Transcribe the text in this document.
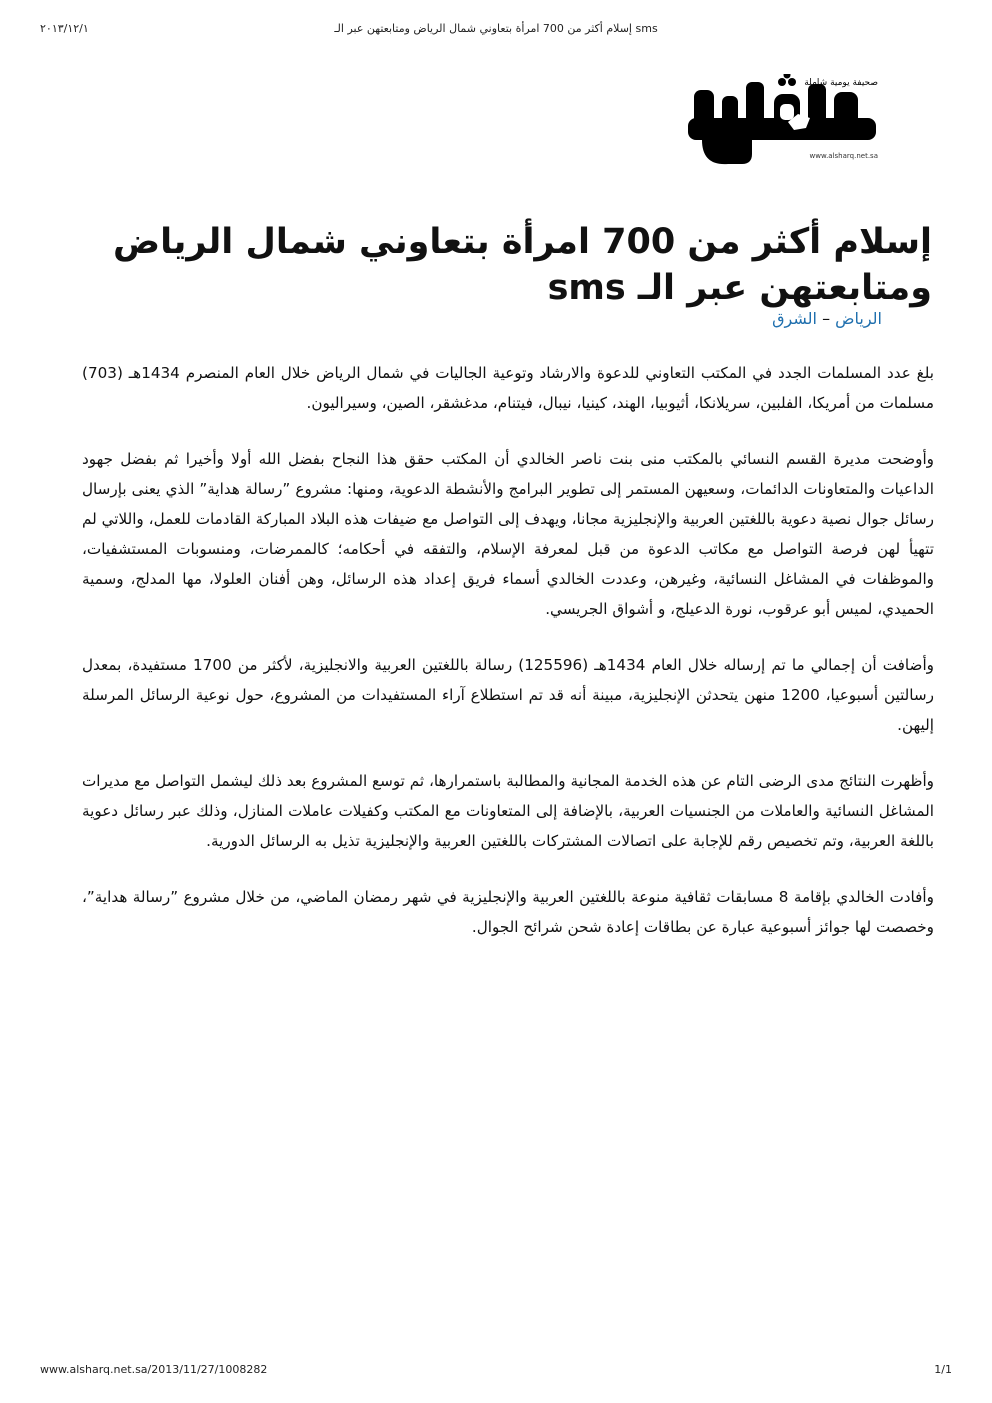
٢٠١٣/١٢/١	sms إسلام أكثر من 700 امرأة بتعاوني شمال الرياض ومتابعتهن عبر الـ
صحيفة يومية شاملة
www.alsharq.net.sa
إسلام أكثر من 700 امرأة بتعاوني شمال الرياض ومتابعتهن عبر الـ sms
الرياض – الشرق

بلغ عدد المسلمات الجدد في المكتب التعاوني للدعوة والارشاد وتوعية الجاليات في شمال الرياض خلال العام المنصرم 1434هـ (703) مسلمات من أمريكا، الفلبين، سريلانكا، أثيوبيا، الهند، كينيا، نيبال، فيتنام، مدغشقر، الصين، وسيراليون.

وأوضحت مديرة القسم النسائي بالمكتب منى بنت ناصر الخالدي أن المكتب حقق هذا النجاح بفضل الله أولا وأخيرا ثم بفضل جهود الداعيات والمتعاونات الدائمات، وسعيهن المستمر إلى تطوير البرامج والأنشطة الدعوية، ومنها: مشروع ”رسالة هداية” الذي يعنى بإرسال رسائل جوال نصية دعوية باللغتين العربية والإنجليزية مجانا، ويهدف إلى التواصل مع ضيفات هذه البلاد المباركة القادمات للعمل، واللاتي لم تتهيأ لهن فرصة التواصل مع مكاتب الدعوة من قبل لمعرفة الإسلام، والتفقه في أحكامه؛ كالممرضات، ومنسوبات المستشفيات، والموظفات في المشاغل النسائية، وغيرهن، وعددت الخالدي أسماء فريق إعداد هذه الرسائل، وهن أفنان العلولا، مها المدلج، وسمية الحميدي، لميس أبو عرقوب، نورة الدعيلج، و أشواق الجريسي.

وأضافت أن إجمالي ما تم إرساله خلال العام 1434هـ (125596) رسالة باللغتين العربية والانجليزية، لأكثر من 1700 مستفيدة، بمعدل رسالتين أسبوعيا، 1200 منهن يتحدثن الإنجليزية، مبينة أنه قد تم استطلاع آراء المستفيدات من المشروع، حول نوعية الرسائل المرسلة إليهن.

وأظهرت النتائج مدى الرضى التام عن هذه الخدمة المجانية والمطالبة باستمرارها، ثم توسع المشروع بعد ذلك ليشمل التواصل مع مديرات المشاغل النسائية والعاملات من الجنسيات العربية، بالإضافة إلى المتعاونات مع المكتب وكفيلات عاملات المنازل، وذلك عبر رسائل دعوية باللغة العربية، وتم تخصيص رقم للإجابة على اتصالات المشتركات باللغتين العربية والإنجليزية تذيل به الرسائل الدورية.

وأفادت الخالدي بإقامة 8 مسابقات ثقافية منوعة باللغتين العربية والإنجليزية في شهر رمضان الماضي، من خلال مشروع ”رسالة هداية”، وخصصت لها جوائز أسبوعية عبارة عن بطاقات إعادة شحن شرائح الجوال.

www.alsharq.net.sa/2013/11/27/1008282	1/1
